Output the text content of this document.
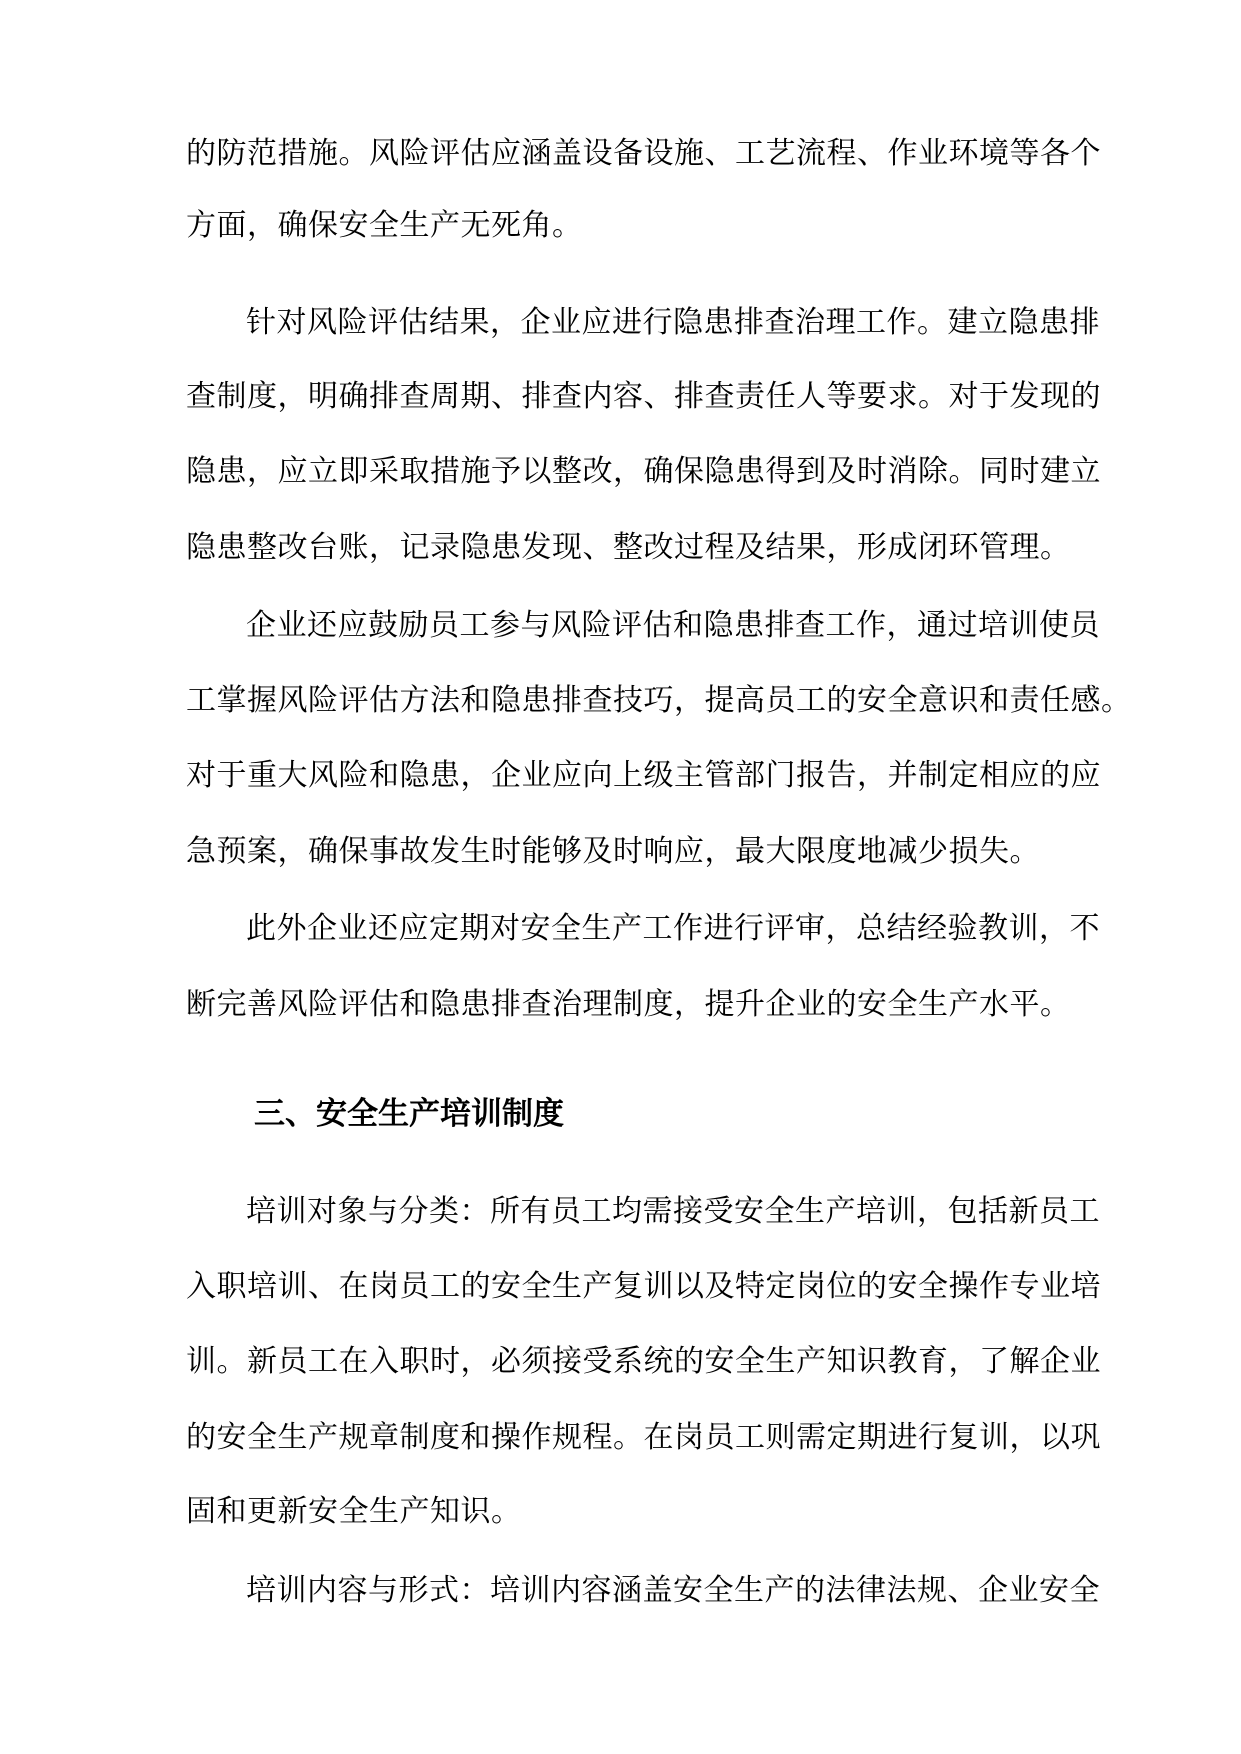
的防范措施。风险评估应涵盖设备设施、工艺流程、作业环境等各个
方面，确保安全生产无死角。
针对风险评估结果，企业应进行隐患排查治理工作。建立隐患排
查制度，明确排查周期、排查内容、排查责任人等要求。对于发现的
隐患，应立即采取措施予以整改，确保隐患得到及时消除。同时建立
隐患整改台账，记录隐患发现、整改过程及结果，形成闭环管理。
企业还应鼓励员工参与风险评估和隐患排查工作，通过培训使员
工掌握风险评估方法和隐患排查技巧，提高员工的安全意识和责任感。
对于重大风险和隐患，企业应向上级主管部门报告，并制定相应的应
急预案，确保事故发生时能够及时响应，最大限度地减少损失。
此外企业还应定期对安全生产工作进行评审，总结经验教训，不
断完善风险评估和隐患排查治理制度，提升企业的安全生产水平。
三、安全生产培训制度
培训对象与分类：所有员工均需接受安全生产培训，包括新员工
入职培训、在岗员工的安全生产复训以及特定岗位的安全操作专业培
训。新员工在入职时，必须接受系统的安全生产知识教育，了解企业
的安全生产规章制度和操作规程。在岗员工则需定期进行复训，以巩
固和更新安全生产知识。
培训内容与形式：培训内容涵盖安全生产的法律法规、企业安全
